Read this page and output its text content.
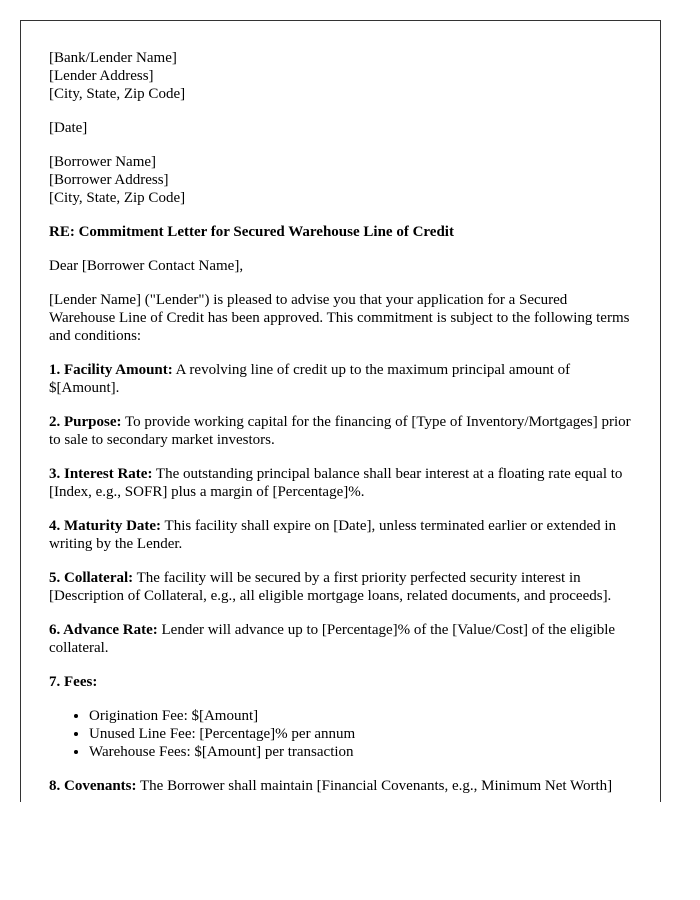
[Bank/Lender Name]
[Lender Address]
[City, State, Zip Code]

[Date]

[Borrower Name]
[Borrower Address]
[City, State, Zip Code]

RE: Commitment Letter for Secured Warehouse Line of Credit

Dear [Borrower Contact Name],

[Lender Name] ("Lender") is pleased to advise you that your application for a Secured Warehouse Line of Credit has been approved. This commitment is subject to the following terms and conditions:

1. Facility Amount: A revolving line of credit up to the maximum principal amount of $[Amount].

2. Purpose: To provide working capital for the financing of [Type of Inventory/Mortgages] prior to sale to secondary market investors.

3. Interest Rate: The outstanding principal balance shall bear interest at a floating rate equal to [Index, e.g., SOFR] plus a margin of [Percentage]%.

4. Maturity Date: This facility shall expire on [Date], unless terminated earlier or extended in writing by the Lender.

5. Collateral: The facility will be secured by a first priority perfected security interest in [Description of Collateral, e.g., all eligible mortgage loans, related documents, and proceeds].

6. Advance Rate: Lender will advance up to [Percentage]% of the [Value/Cost] of the eligible collateral.

7. Fees:

• Origination Fee: $[Amount]
• Unused Line Fee: [Percentage]% per annum
• Warehouse Fees: $[Amount] per transaction

8. Covenants: The Borrower shall maintain [Financial Covenants, e.g., Minimum Net Worth]
